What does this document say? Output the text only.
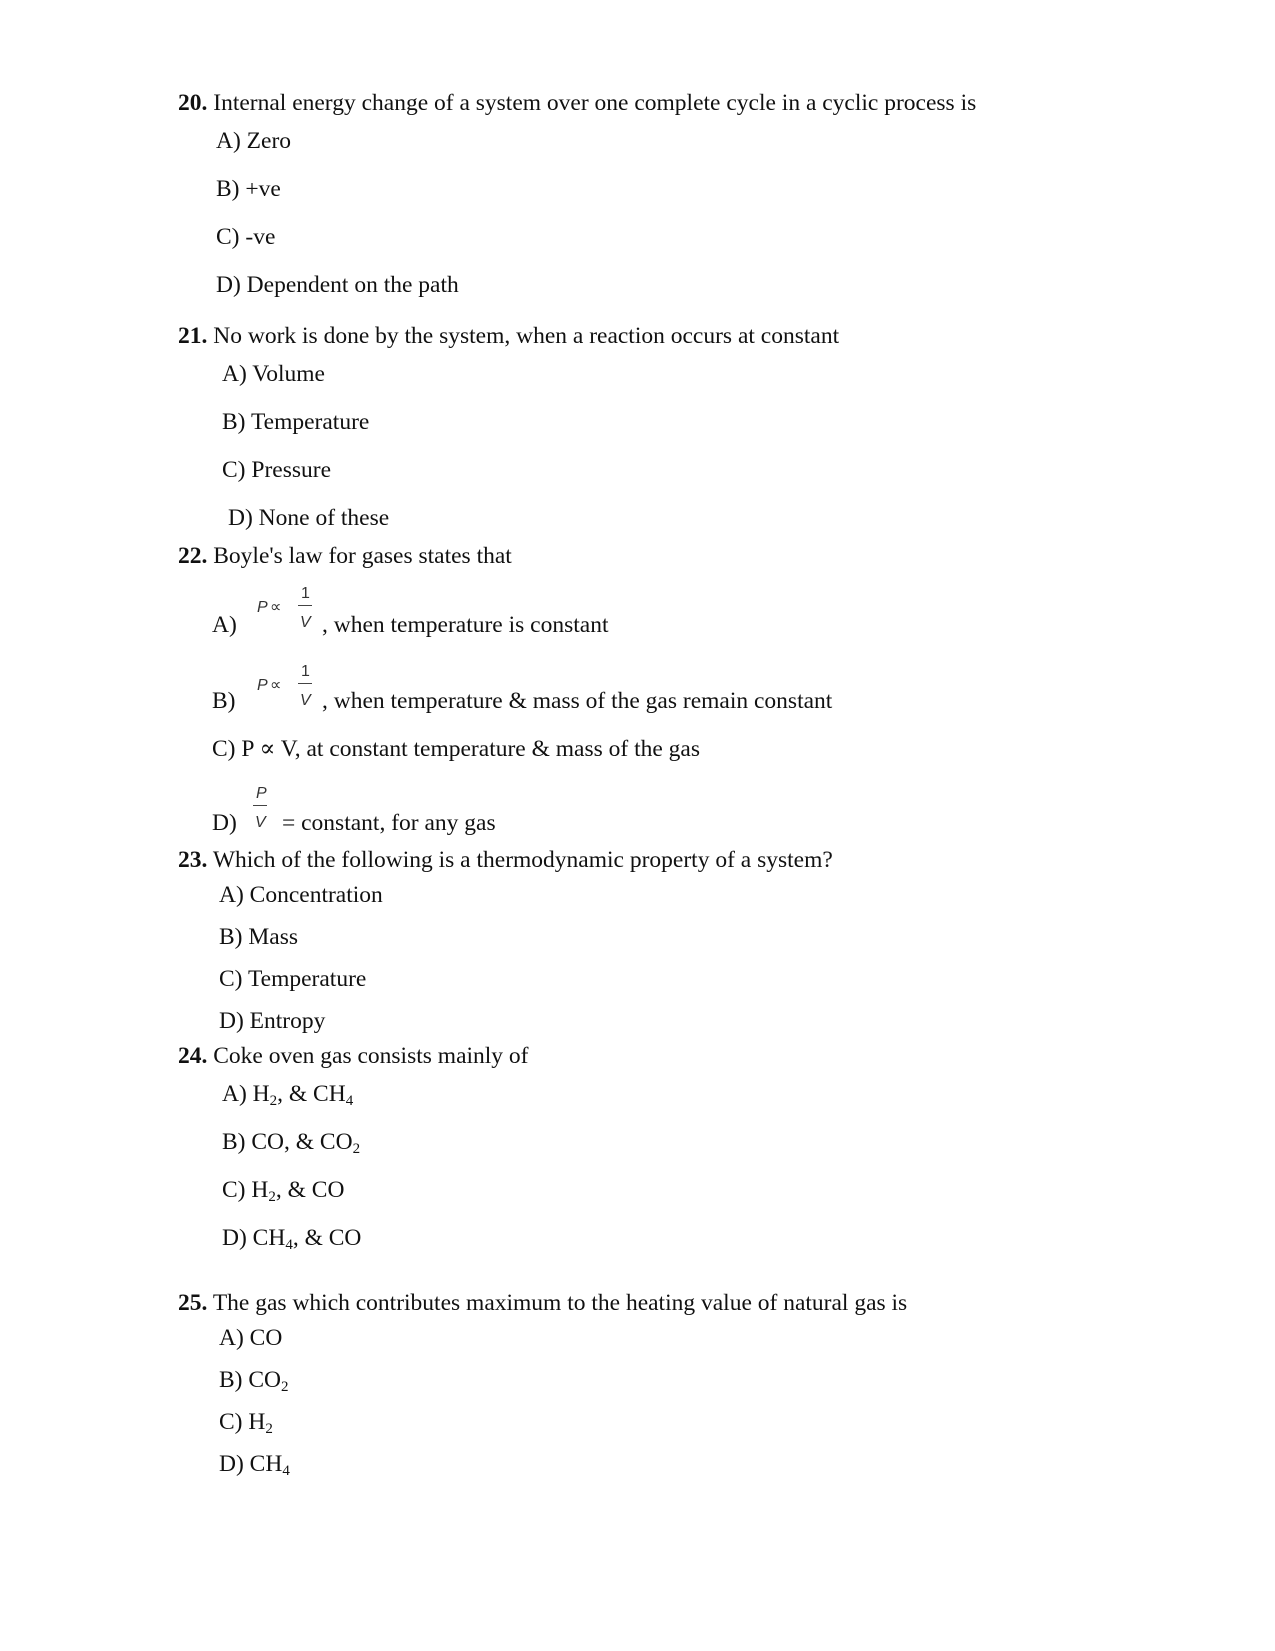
20. Internal energy change of a system over one complete cycle in a cyclic process is
A) Zero
B) +ve
C) -ve
D) Dependent on the path
21. No work is done by the system, when a reaction occurs at constant
A) Volume
B) Temperature
C) Pressure
D) None of these
22. Boyle's law for gases states that
A)
P ∝
1
V , when temperature is constant
B)
P ∝
1
V , when temperature & mass of the gas remain constant
C) P ∝ V, at constant temperature & mass of the gas
D)
P
V = constant, for any gas
23. Which of the following is a thermodynamic property of a system?
A) Concentration
B) Mass
C) Temperature
D) Entropy
24. Coke oven gas consists mainly of
A) $H_2$, & $CH_4$
B) CO, & $CO_2$
C) $H_2$, & CO
D) $CH_4$, & CO
25. The gas which contributes maximum to the heating value of natural gas is
A) CO
B) $CO_2$
C) $H_2$
D) $CH_4$
